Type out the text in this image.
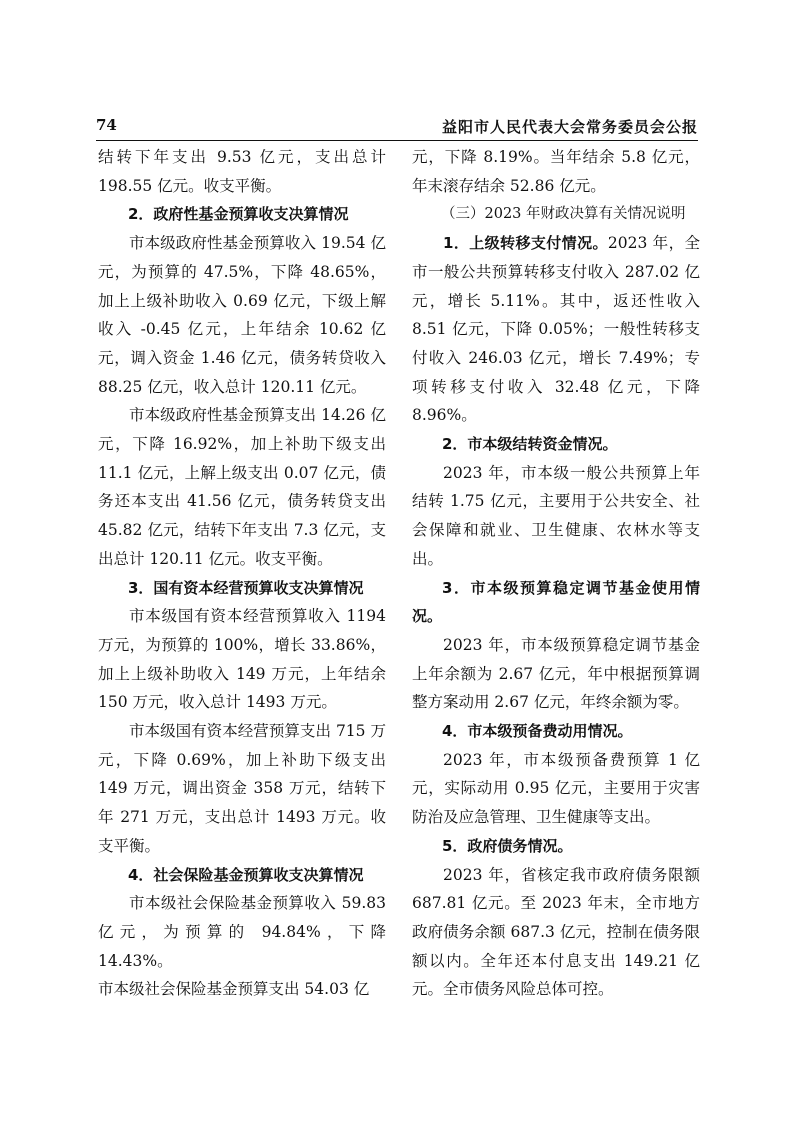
74	益阳市人民代表大会常务委员会公报

结转下年支出 9.53 亿元，支出总计 198.55 亿元。收支平衡。

2．政府性基金预算收支决算情况

市本级政府性基金预算收入 19.54 亿元，为预算的 47.5%，下降 48.65%，加上上级补助收入 0.69 亿元，下级上解收入 -0.45 亿元，上年结余 10.62 亿元，调入资金 1.46 亿元，债务转贷收入 88.25 亿元，收入总计 120.11 亿元。

市本级政府性基金预算支出 14.26 亿元，下降 16.92%，加上补助下级支出 11.1 亿元，上解上级支出 0.07 亿元，债务还本支出 41.56 亿元，债务转贷支出 45.82 亿元，结转下年支出 7.3 亿元，支出总计 120.11 亿元。收支平衡。

3．国有资本经营预算收支决算情况

市本级国有资本经营预算收入 1194 万元，为预算的 100%，增长 33.86%，加上上级补助收入 149 万元，上年结余 150 万元，收入总计 1493 万元。

市本级国有资本经营预算支出 715 万元，下降 0.69%，加上补助下级支出 149 万元，调出资金 358 万元，结转下年 271 万元，支出总计 1493 万元。收支平衡。

4．社会保险基金预算收支决算情况

市本级社会保险基金预算收入 59.83 亿元，为预算的 94.84%，下降 14.43%。

市本级社会保险基金预算支出 54.03 亿

元，下降 8.19%。当年结余 5.8 亿元，年末滚存结余 52.86 亿元。

（三）2023 年财政决算有关情况说明

1．上级转移支付情况。2023 年，全市一般公共预算转移支付收入 287.02 亿元，增长 5.11%。其中，返还性收入 8.51 亿元，下降 0.05%；一般性转移支付收入 246.03 亿元，增长 7.49%；专项转移支付收入 32.48 亿元，下降 8.96%。

2．市本级结转资金情况。

2023 年，市本级一般公共预算上年结转 1.75 亿元，主要用于公共安全、社会保障和就业、卫生健康、农林水等支出。

3．市本级预算稳定调节基金使用情况。

2023 年，市本级预算稳定调节基金上年余额为 2.67 亿元，年中根据预算调整方案动用 2.67 亿元，年终余额为零。

4．市本级预备费动用情况。

2023 年，市本级预备费预算 1 亿元，实际动用 0.95 亿元，主要用于灾害防治及应急管理、卫生健康等支出。

5．政府债务情况。

2023 年，省核定我市政府债务限额 687.81 亿元。至 2023 年末，全市地方政府债务余额 687.3 亿元，控制在债务限额以内。全年还本付息支出 149.21 亿元。全市债务风险总体可控。
